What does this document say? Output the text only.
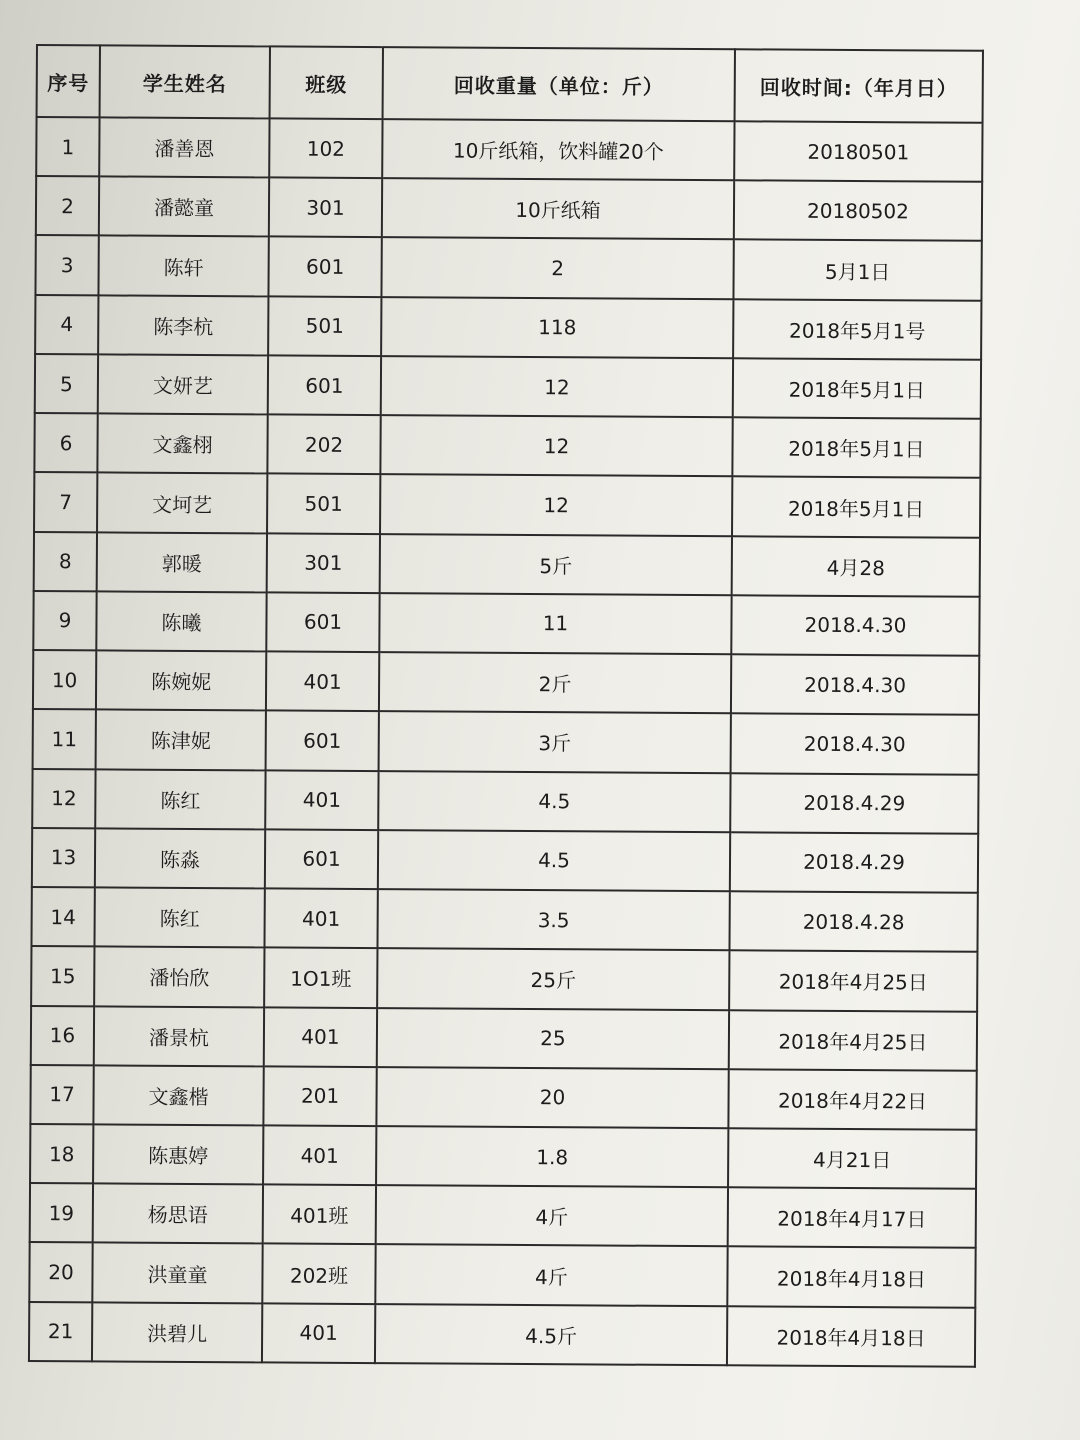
序号	学生姓名	班级	回收重量（单位：斤）	回收时间:（年月日）
1	潘善恩	102	10斤纸箱，饮料罐20个	20180501
2	潘懿童	301	10斤纸箱	20180502
3	陈轩	601	2	5月1日
4	陈李杭	501	118	2018年5月1号
5	文妍艺	601	12	2018年5月1日
6	文鑫栩	202	12	2018年5月1日
7	文坷艺	501	12	2018年5月1日
8	郭暖	301	5斤	4月28
9	陈曦	601	11	2018.4.30
10	陈婉妮	401	2斤	2018.4.30
11	陈津妮	601	3斤	2018.4.30
12	陈红	401	4.5	2018.4.29
13	陈淼	601	4.5	2018.4.29
14	陈红	401	3.5	2018.4.28
15	潘怡欣	1O1班	25斤	2018年4月25日
16	潘景杭	401	25	2018年4月25日
17	文鑫楷	201	20	2018年4月22日
18	陈惠婷	401	1.8	4月21日
19	杨思语	401班	4斤	2018年4月17日
20	洪童童	202班	4斤	2018年4月18日
21	洪碧儿	401	4.5斤	2018年4月18日
